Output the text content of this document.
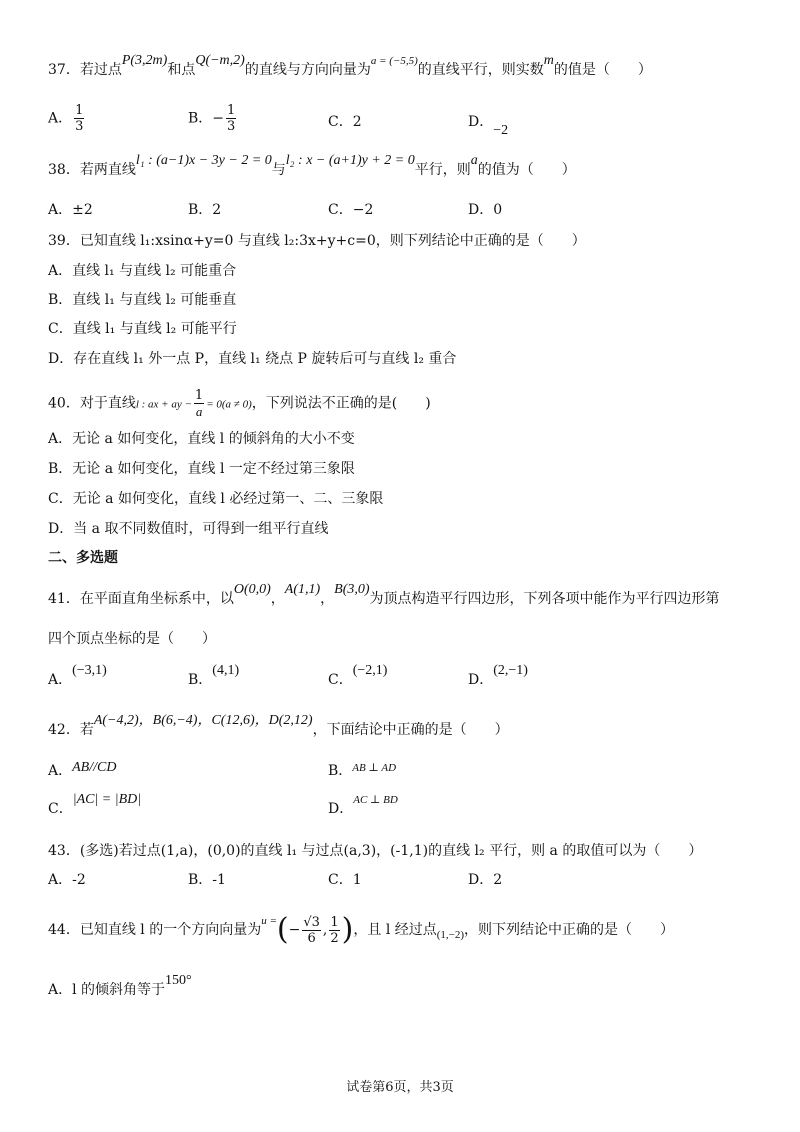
37．若过点P(3,2m)和点Q(−m,2)的直线与方向向量为$^{a = (-5,5)}$的直线平行，则实数m的值是（　　）
A． $\frac{1}{3}$	B．− $\frac{1}{3}$	C．2	D．−2
38．若两直线l₁ : (a−1)x − 3y − 2 = 0与l₂ : x − (a+1)y + 2 = 0平行，则a的值为（　　）
A．±2	B．2	C．−2	D．0
39．已知直线 l₁:xsinα+y=0 与直线 l₂:3x+y+c=0，则下列结论中正确的是（　　）
A．直线 l₁ 与直线 l₂ 可能重合
B．直线 l₁ 与直线 l₂ 可能垂直
C．直线 l₁ 与直线 l₂ 可能平行
D．存在直线 l₁ 外一点 P，直线 l₁ 绕点 P 旋转后可与直线 l₂ 重合
40．对于直线l : ax + ay − $\frac{1}{a} = 0(a \ne 0)$，下列说法不正确的是(　　)
A．无论 a 如何变化，直线 l 的倾斜角的大小不变
B．无论 a 如何变化，直线 l 一定不经过第三象限
C．无论 a 如何变化，直线 l 必经过第一、二、三象限
D．当 a 取不同数值时，可得到一组平行直线
二、多选题
41．在平面直角坐标系中，以O(0,0)，A(1,1)，B(3,0)为顶点构造平行四边形，下列各项中能作为平行四边形第
四个顶点坐标的是（　　）
A．(−3,1)
B．(4,1)
C．(−2,1)
D．(2,−1)
42．若A(−4,2)，B(6,−4)，C(12,6)，D(2,12)，下面结论中正确的是（　　）
A．AB//CD	B．$^{AB \perp AD}$
C．|AC| = |BD|
D．$^{AC \perp BD}$
43．(多选)若过点(1,a)，(0,0)的直线 l₁ 与过点(a,3)，(-1,1)的直线 l₂ 平行，则 a 的取值可以为（　　）
A．-2	B．-1	C．1	D．2
44．已知直线 l 的一个方向向量为$^{u =}(- \frac{√3}{6}$ , $\frac{1}{2}$ )，且 l 经过点$_{(1,-2)}$，则下列结论中正确的是（　　）
A．l 的倾斜角等于150°
试卷第6页，共3页
